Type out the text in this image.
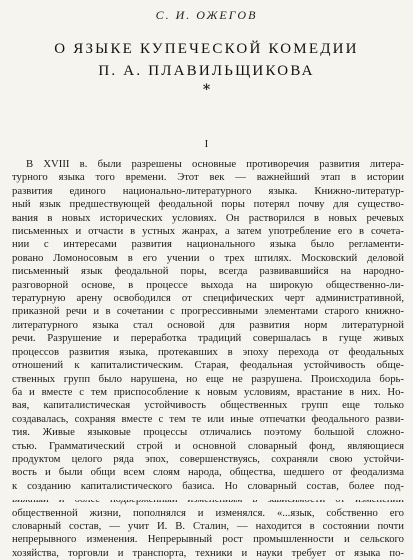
С. И. ОЖЕГОВ
О ЯЗЫКЕ КУПЕЧЕСКОЙ КОМЕДИИ
П. А. ПЛАВИЛЬЩИКОВА
*
I
В XVIII в. были разрешены основные противоречия развития литера-
турного языка того времени. Этот век — важнейший этап в истории
развития единого национально-литературного языка. Книжно-литератур-
ный язык предшествующей феодальной поры потерял почву для существо-
вания в новых исторических условиях. Он растворился в новых речевых
письменных и отчасти в устных жанрах, а затем употребление его в сочета-
нии с интересами развития национального языка было регламенти-
ровано Ломоносовым в его учении о трех штилях. Московский деловой
письменный язык феодальной поры, всегда развивавшийся на народно-
разговорной основе, в процессе выхода на широкую общественно-ли-
тературную арену освободился от специфических черт административной,
приказной речи и в сочетании с прогрессивными элементами старого книжно-
литературного языка стал основой для развития норм литературной
речи. Разрушение и переработка традиций совершалась в гуще живых
процессов развития языка, протекавших в эпоху перехода от феодальных
отношений к капиталистическим. Старая, феодальная устойчивость обще-
ственных групп было нарушена, но еще не разрушена. Происходила борь-
ба и вместе с тем приспособление к новым условиям, врастание в них. Но-
вая, капиталистическая устойчивость общественных групп еще только
создавалась, сохраняя вместе с тем те или иные отпечатки феодального разви-
тия. Живые языковые процессы отличались поэтому большой сложно-
стью. Грамматический строй и основной словарный фонд, являющиеся
продуктом целого ряда эпох, совершенствуясь, сохраняли свою устойчи-
вость и были общи всем слоям народа, общества, шедшего от феодализма
к созданию капиталистического базиса. Но словарный состав, более под-
общественной жизни, пополнялся и изменялся. «...язык, собственно его
словарный состав, — учит И. В. Сталин, — находится в состоянии почти
непрерывного изменения. Непрерывный рост промышленности и сельского
хозяйства, торговли и транспорта, техники и науки требует от языка по-
